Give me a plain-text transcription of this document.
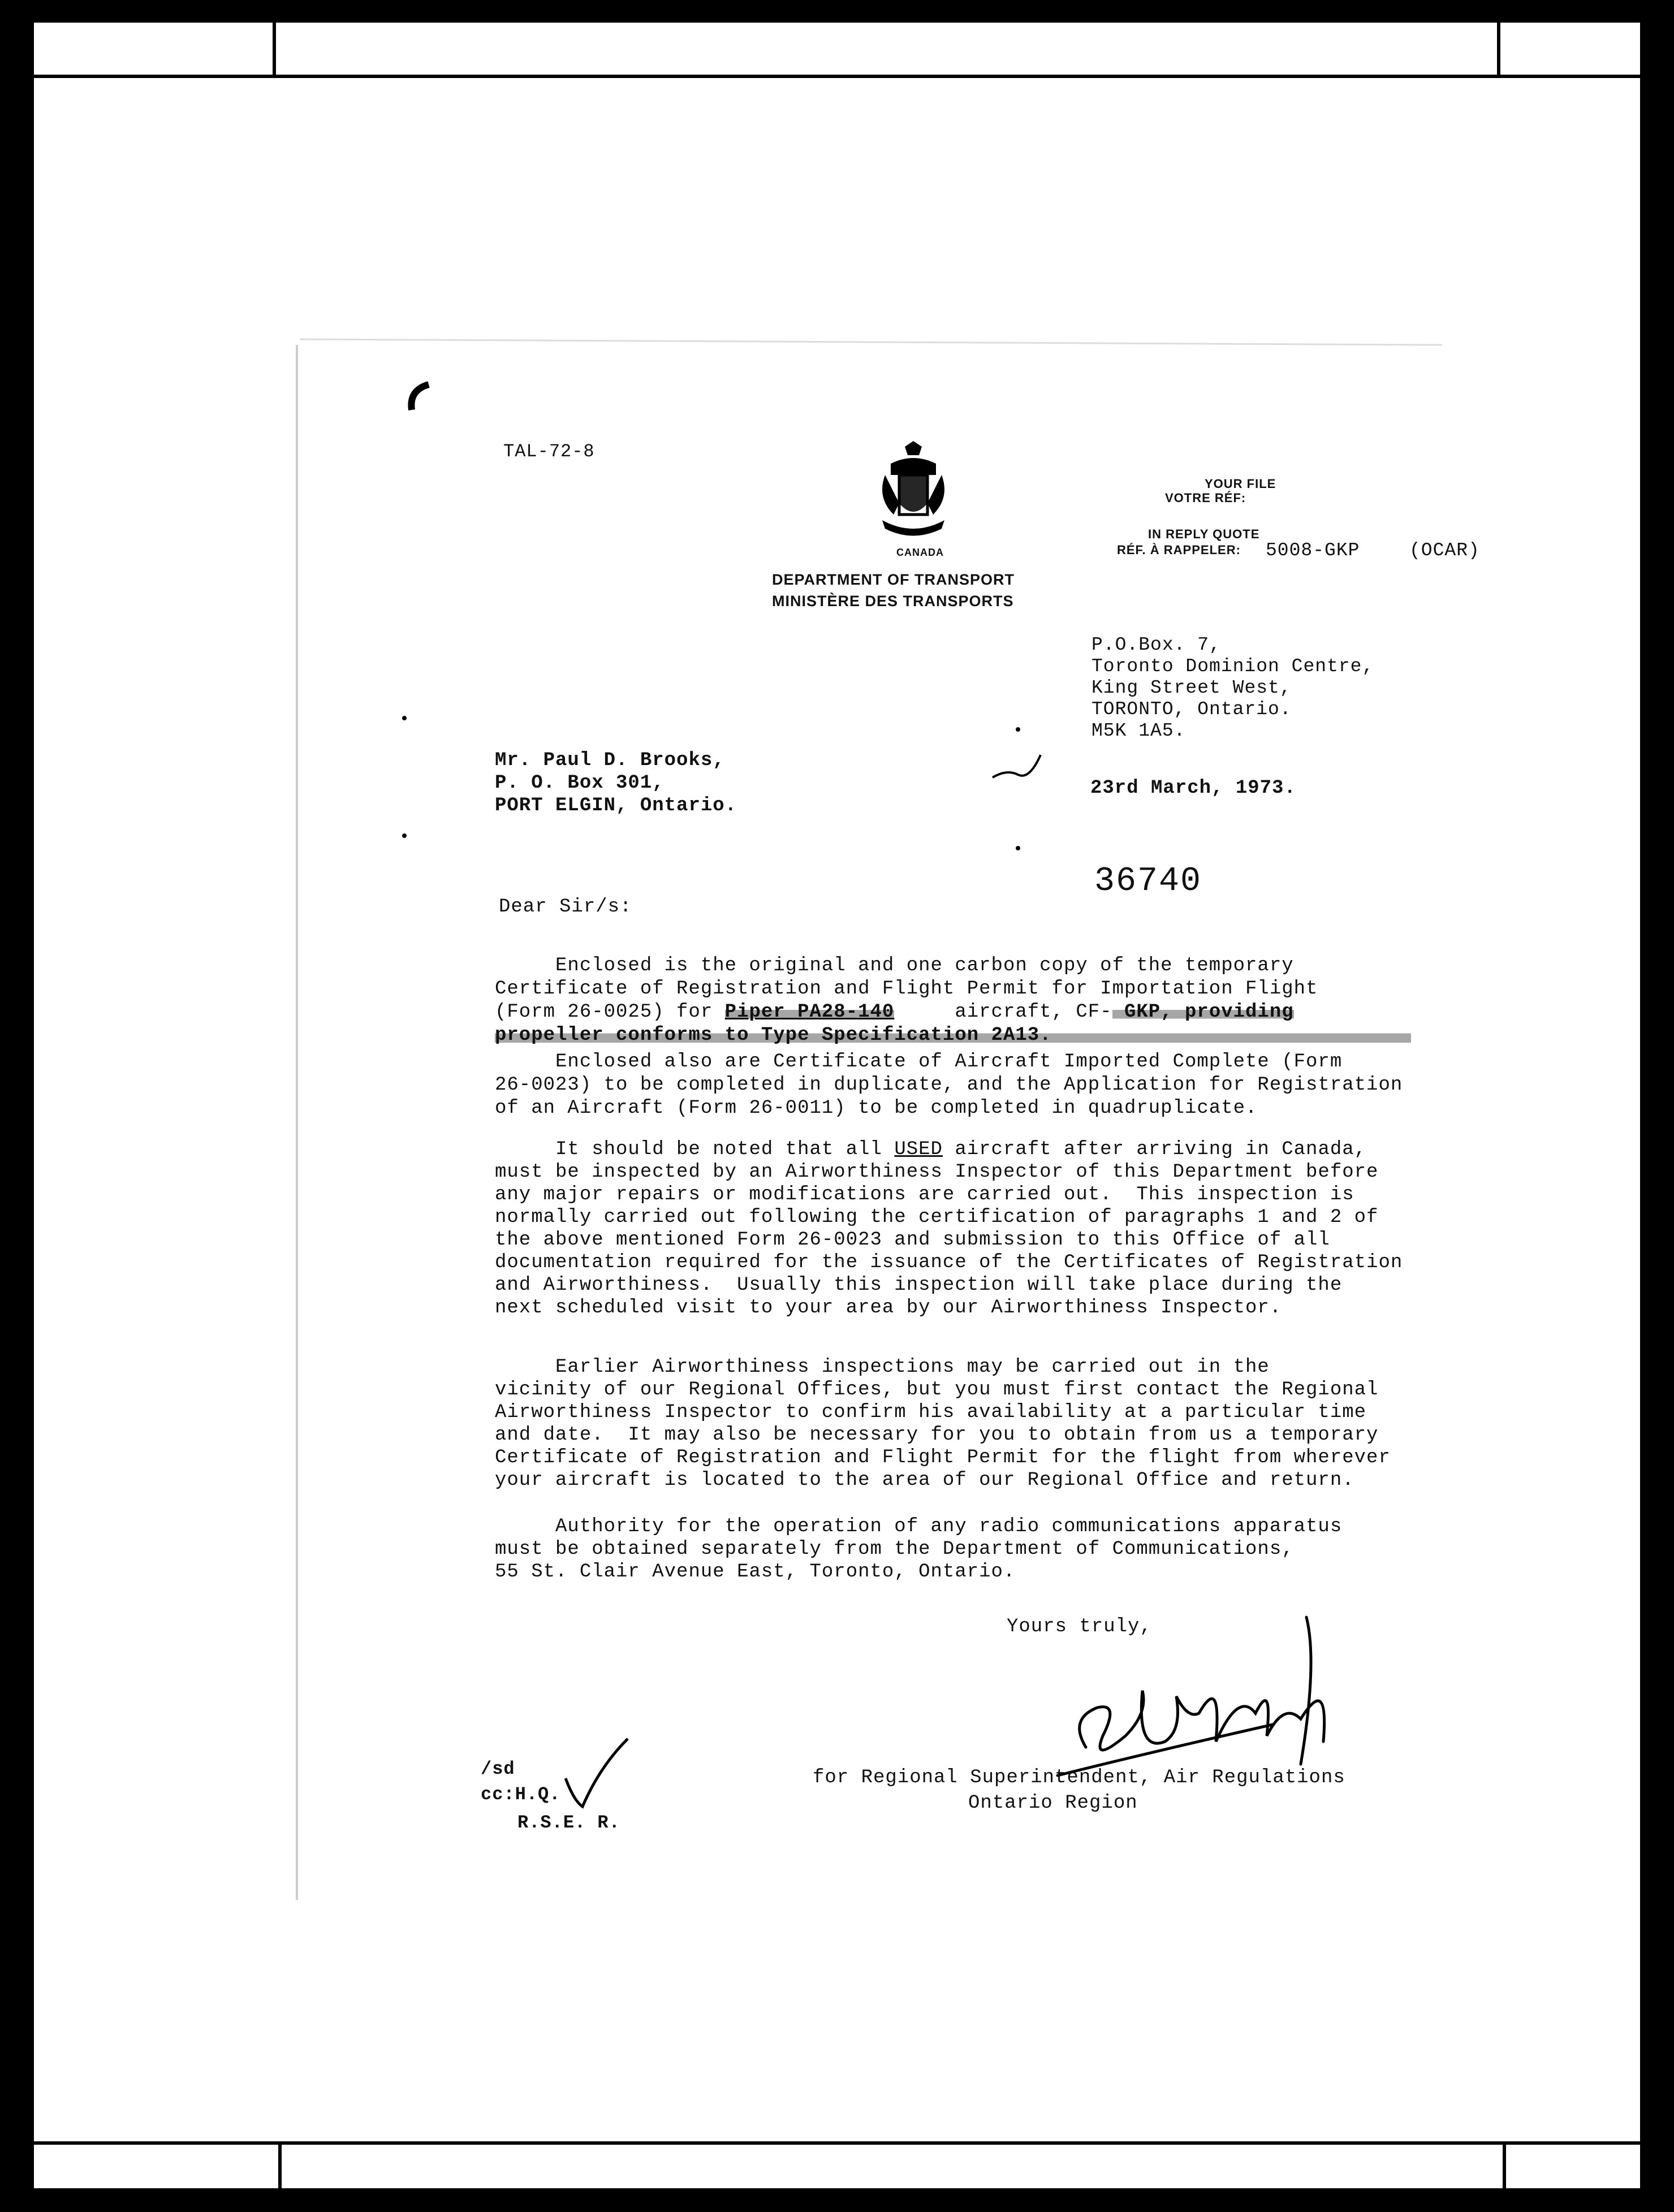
TAL-72-8
CANADA
DEPARTMENT OF TRANSPORT
MINISTÈRE DES TRANSPORTS
YOUR FILE
VOTRE RÉF:
IN REPLY QUOTE
RÉF. À RAPPELER: 5008-GKP	(OCAR)
P.O.Box. 7,
Toronto Dominion Centre,
King Street West,
TORONTO, Ontario.
M5K 1A5.
Mr. Paul D. Brooks,
P. O. Box 301,
PORT ELGIN, Ontario.
23rd March, 1973.
36740
Dear Sir/s:
Enclosed is the original and one carbon copy of the temporary
Certificate of Registration and Flight Permit for Importation Flight
(Form 26-0025) for Piper PA28-140     aircraft, CF- GKP, providing
propeller conforms to Type Specification 2A13.
Enclosed also are Certificate of Aircraft Imported Complete (Form
26-0023) to be completed in duplicate, and the Application for Registration
of an Aircraft (Form 26-0011) to be completed in quadruplicate.
It should be noted that all USED aircraft after arriving in Canada,
must be inspected by an Airworthiness Inspector of this Department before
any major repairs or modifications are carried out.  This inspection is
normally carried out following the certification of paragraphs 1 and 2 of
the above mentioned Form 26-0023 and submission to this Office of all
documentation required for the issuance of the Certificates of Registration
and Airworthiness.  Usually this inspection will take place during the
next scheduled visit to your area by our Airworthiness Inspector.
Earlier Airworthiness inspections may be carried out in the
vicinity of our Regional Offices, but you must first contact the Regional
Airworthiness Inspector to confirm his availability at a particular time
and date.  It may also be necessary for you to obtain from us a temporary
Certificate of Registration and Flight Permit for the flight from wherever
your aircraft is located to the area of our Regional Office and return.
Authority for the operation of any radio communications apparatus
must be obtained separately from the Department of Communications,
55 St. Clair Avenue East, Toronto, Ontario.
Yours truly,
for Regional Superintendent, Air Regulations
Ontario Region
/sd
cc:H.Q.
R.S.E. R.
